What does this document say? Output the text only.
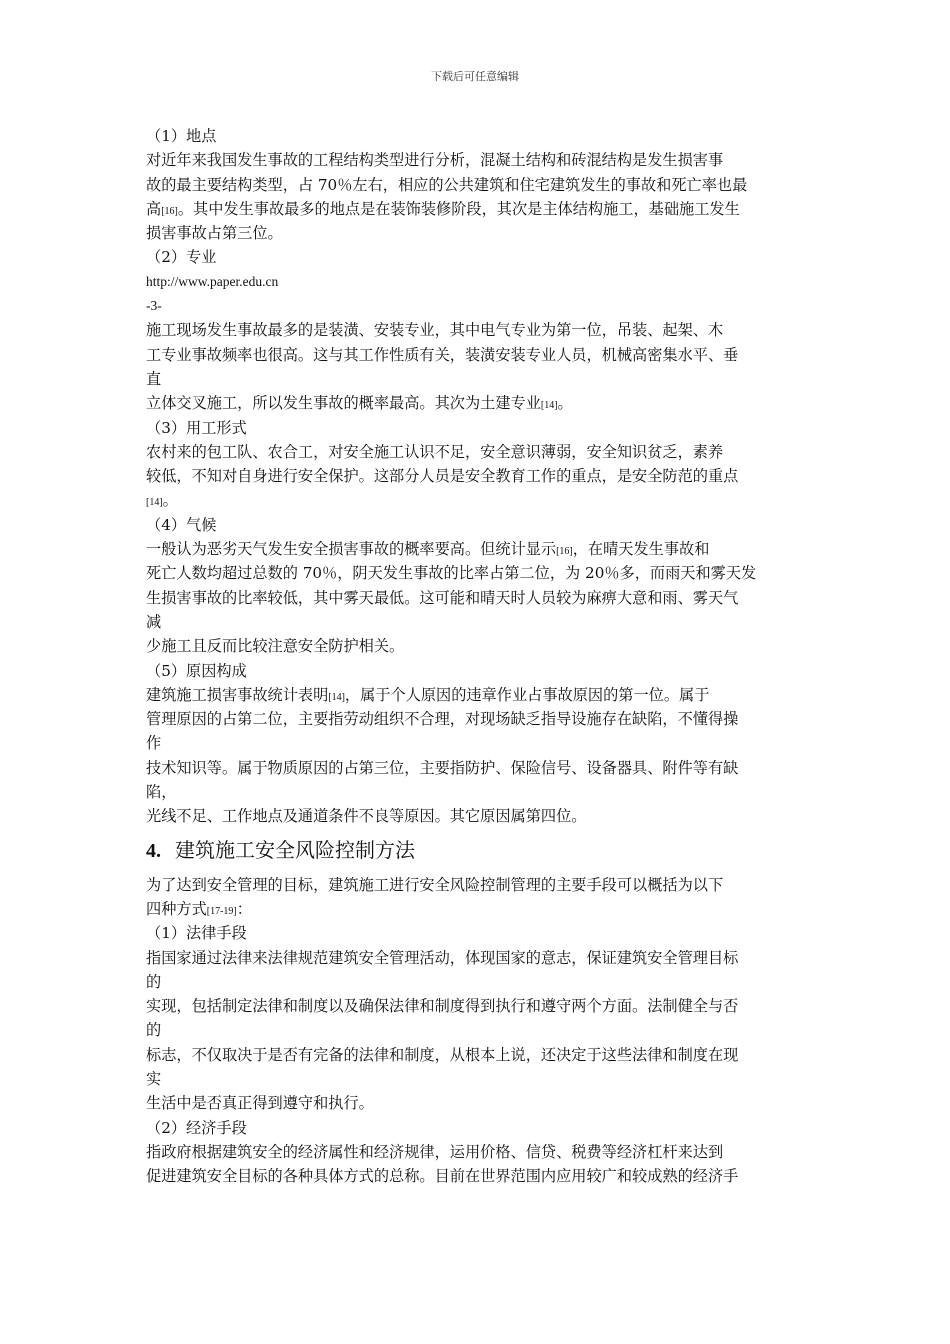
下载后可任意编辑
（1）地点
对近年来我国发生事故的工程结构类型进行分析，混凝土结构和砖混结构是发生损害事
故的最主要结构类型，占 70％左右，相应的公共建筑和住宅建筑发生的事故和死亡率也最
高[16]。其中发生事故最多的地点是在装饰装修阶段，其次是主体结构施工，基础施工发生
损害事故占第三位。
（2）专业
http://www.paper.edu.cn
-3-
施工现场发生事故最多的是装潢、安装专业，其中电气专业为第一位，吊装、起架、木
工专业事故频率也很高。这与其工作性质有关，装潢安装专业人员，机械高密集水平、垂
直
立体交叉施工，所以发生事故的概率最高。其次为土建专业[14]。
（3）用工形式
农村来的包工队、农合工，对安全施工认识不足，安全意识薄弱，安全知识贫乏，素养
较低，不知对自身进行安全保护。这部分人员是安全教育工作的重点，是安全防范的重点
[14]。
（4）气候
一般认为恶劣天气发生安全损害事故的概率要高。但统计显示[16]，在晴天发生事故和
死亡人数均超过总数的 70％，阴天发生事故的比率占第二位，为 20％多，而雨天和雾天发
生损害事故的比率较低，其中雾天最低。这可能和晴天时人员较为麻痹大意和雨、雾天气
减
少施工且反而比较注意安全防护相关。
（5）原因构成
建筑施工损害事故统计表明[14]，属于个人原因的违章作业占事故原因的第一位。属于
管理原因的占第二位，主要指劳动组织不合理，对现场缺乏指导设施存在缺陷，不懂得操
作
技术知识等。属于物质原因的占第三位，主要指防护、保险信号、设备器具、附件等有缺
陷，
光线不足、工作地点及通道条件不良等原因。其它原因属第四位。
4. 建筑施工安全风险控制方法
为了达到安全管理的目标，建筑施工进行安全风险控制管理的主要手段可以概括为以下
四种方式[17-19]：
（1）法律手段
指国家通过法律来法律规范建筑安全管理活动，体现国家的意志，保证建筑安全管理目标
的
实现，包括制定法律和制度以及确保法律和制度得到执行和遵守两个方面。法制健全与否
的
标志，不仅取决于是否有完备的法律和制度，从根本上说，还决定于这些法律和制度在现
实
生活中是否真正得到遵守和执行。
（2）经济手段
指政府根据建筑安全的经济属性和经济规律，运用价格、信贷、税费等经济杠杆来达到
促进建筑安全目标的各种具体方式的总称。目前在世界范围内应用较广和较成熟的经济手
